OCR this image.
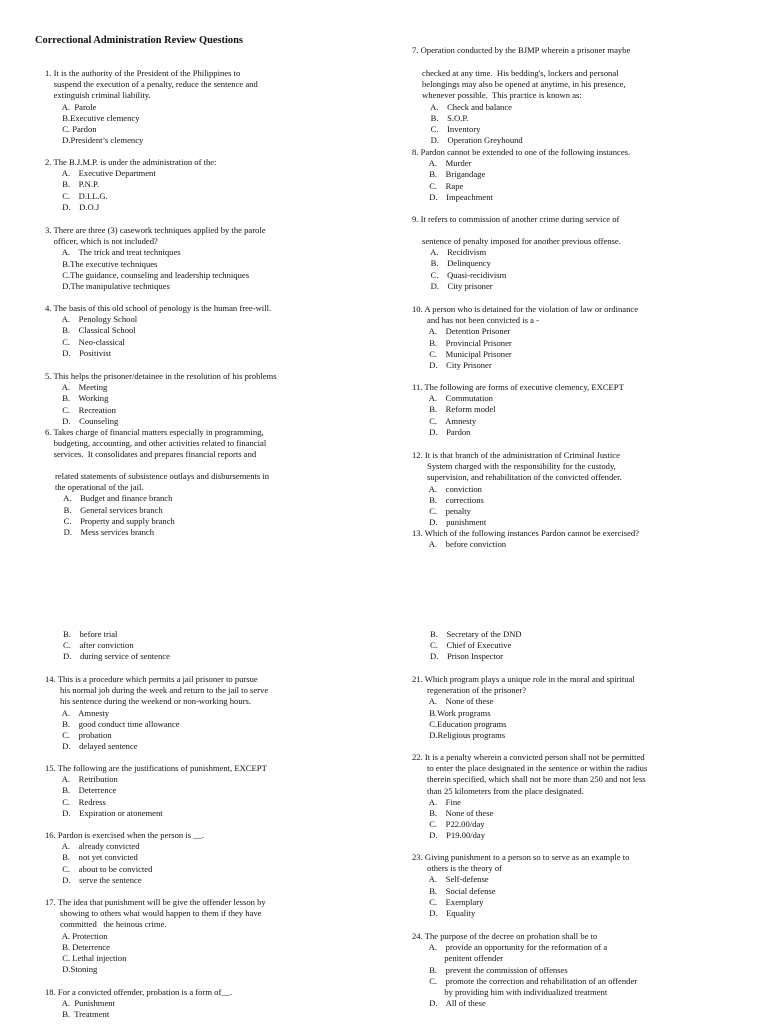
Correctional Administration Review Questions
1. It is the authority of the President of the Philippines to
suspend the execution of a penalty, reduce the sentence and
extinguish criminal liability.
A.  Parole
B.Executive clemency
C. Pardon
D.President’s clemency
2. The B.J.M.P. is under the administration of the:
A.    Executive Department
B.    P.N.P.
C.    D.I.L.G.
D.    D.O.J
3. There are three (3) casework techniques applied by the parole
officer, which is not included?
A.    The trick and treat techniques
B.The executive techniques
C.The guidance, counseling and leadership techniques
D.The manipulative techniques
4. The basis of this old school of penology is the human free-will.
A.    Penology School
B.    Classical School
C.    Neo-classical
D.    Positivist
5. This helps the prisoner/detainee in the resolution of his problems
A.    Meeting
B.    Working
C.    Recreation
D.    Counseling
6. Takes charge of financial matters especially in programming,
budgeting, accounting, and other activities related to financial
services.  It consolidates and prepares financial reports and
related statements of subsistence outlays and disbursements in
the operational of the jail.
A.    Budget and finance branch
B.    General services branch
C.    Property and supply branch
D.    Mess services branch
7. Operation conducted by the BJMP wherein a prisoner maybe
checked at any time.  His bedding's, lockers and personal
belongings may also be opened at anytime, in his presence,
whenever possible.  This practice is known as:
A.    Check and balance
B.    S.O.P.
C.    Inventory
D.    Operation Greyhound
8. Pardon cannot be extended to one of the following instances.
A.    Murder
B.    Brigandage
C.    Rape
D.    Impeachment
9. It refers to commission of another crime during service of
sentence of penalty imposed for another previous offense.
A.    Recidivism
B.    Delinquency
C.    Quasi-recidivism
D.    City prisoner
10. A person who is detained for the violation of law or ordinance
and has not been convicted is a -
A.    Detention Prisoner
B.    Provincial Prisoner
C.    Municipal Prisoner
D.    City Prisoner
11. The following are forms of executive clemency, EXCEPT
A.    Commutation
B.    Reform model
C.    Amnesty
D.    Pardon
12. It is that branch of the administration of Criminal Justice
System charged with the responsibility for the custody,
supervision, and rehabilitation of the convicted offender.
A.    conviction
B.    corrections
C.    penalty
D.    punishment
13. Which of the following instances Pardon cannot be exercised?
A.    before conviction
B.    before trial
C.    after conviction
D.    during service of sentence
14. This is a procedure which permits a jail prisoner to pursue
his normal job during the week and return to the jail to serve
his sentence during the weekend or non-working hours.
A.    Amnesty
B.    good conduct time allowance
C.    probation
D.    delayed sentence
15. The following are the justifications of punishment, EXCEPT
A.    Retribution
B.    Deterrence
C.    Redress
D.    Expiration or atonement
16. Pardon is exercised when the person is __.
A.    already convicted
B.    not yet convicted
C.    about to be convicted
D.    serve the sentence
17. The idea that punishment will be give the offender lesson by
showing to others what would happen to them if they have
committed   the heinous crime.
A. Protection
B. Deterrence
C. Lethal injection
D.Stoning
18. For a convicted offender, probation is a form of__.
A.  Punishment
B.  Treatment
B.    Secretary of the DND
C.    Chief of Executive
D.    Prison Inspector
21. Which program plays a unique role in the moral and spiritual
regeneration of the prisoner?
A.    None of these
B.Work programs
C.Education programs
D.Religious programs
22. It is a penalty wherein a convicted person shall not be permitted
to enter the place designated in the sentence or within the radius
therein specified, which shall not be more than 250 and not less
than 25 kilometers from the place designated.
A.    Fine
B.    None of these
C.    P22.00/day
D.    P19.00/day
23. Giving punishment to a person so to serve as an example to
others is the theory of
A.    Self-defense
B.    Social defense
C.    Exemplary
D.    Equality
24. The purpose of the decree on probation shall be to
A.    provide an opportunity for the reformation of a
penitent offender
B.    prevent the commission of offenses
C.    promote the correction and rehabilitation of an offender
by providing him with individualized treatment
D.    All of these
